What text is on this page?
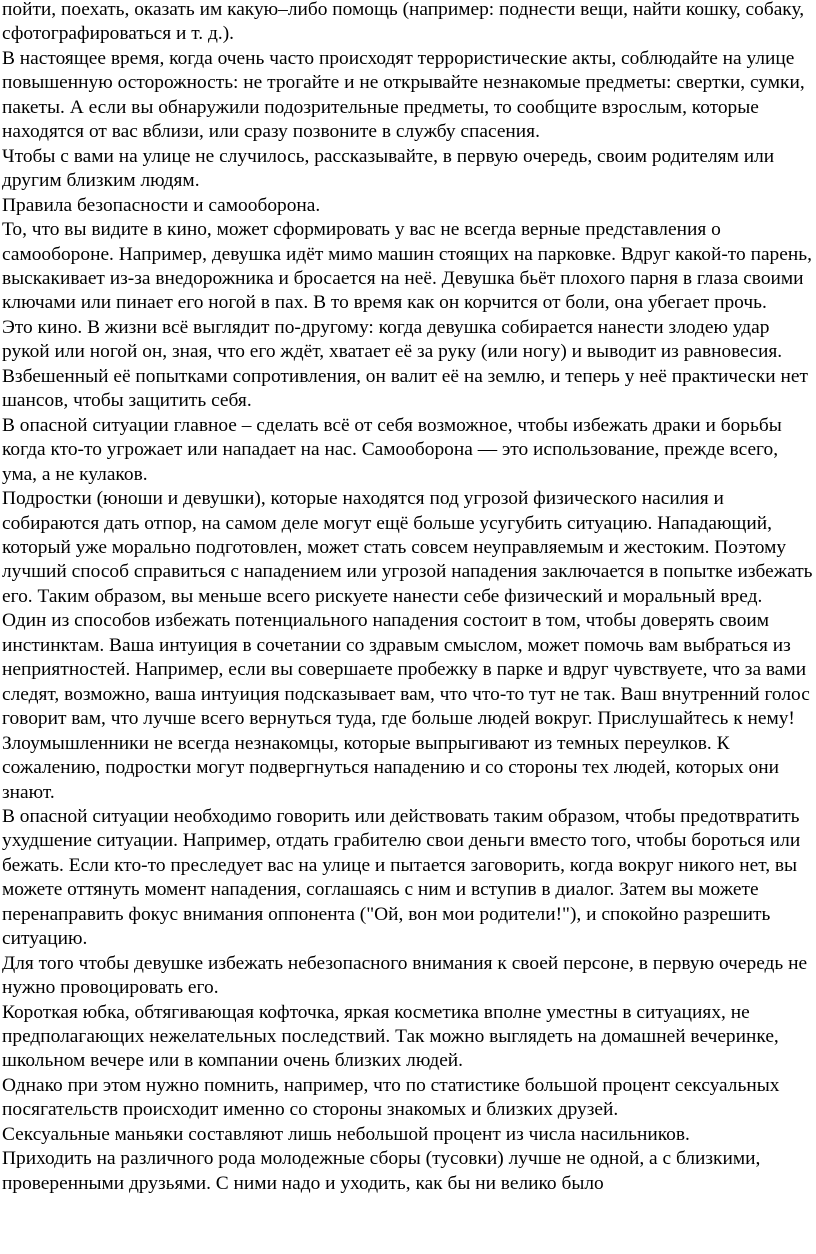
пойти, поехать, оказать им какую–либо помощь (например: поднести вещи, найти кошку, собаку, сфотографироваться и т. д.).

В настоящее время, когда очень часто происходят террористические акты, соблюдайте на улице повышенную осторожность: не трогайте и не открывайте незнакомые предметы: свертки, сумки, пакеты. А если вы обнаружили подозрительные предметы, то сообщите взрослым, которые находятся от вас вблизи, или сразу позвоните в службу спасения.

Чтобы с вами на улице не случилось, рассказывайте, в первую очередь, своим родителям или другим близким людям.

Правила безопасности и самооборона.

То, что вы видите в кино, может сформировать у вас не всегда верные представления о самообороне. Например, девушка идёт мимо машин стоящих на парковке. Вдруг какой-то парень, выскакивает из-за внедорожника и бросается на неё. Девушка бьёт плохого парня в глаза своими ключами или пинает его ногой в пах. В то время как он корчится от боли, она убегает прочь.

Это кино. В жизни всё выглядит по-другому: когда девушка собирается нанести злодею удар рукой или ногой он, зная, что его ждёт, хватает её за руку (или ногу) и выводит из равновесия. Взбешенный её попытками сопротивления, он валит её на землю, и теперь у неё практически нет шансов, чтобы защитить себя.

В опасной ситуации главное – сделать всё от себя возможное, чтобы избежать драки и борьбы когда кто-то угрожает или нападает на нас. Самооборона — это использование, прежде всего, ума, а не кулаков.

Подростки (юноши и девушки), которые находятся под угрозой физического насилия и собираются дать отпор, на самом деле могут ещё больше усугубить ситуацию. Нападающий, который уже морально подготовлен, может стать совсем неуправляемым и жестоким. Поэтому лучший способ справиться с нападением или угрозой нападения заключается в попытке избежать его. Таким образом, вы меньше всего рискуете нанести себе физический и моральный вред.

Один из способов избежать потенциального нападения состоит в том, чтобы доверять своим инстинктам. Ваша интуиция в сочетании со здравым смыслом, может помочь вам выбраться из неприятностей. Например, если вы совершаете пробежку в парке и вдруг чувствуете, что за вами следят, возможно, ваша интуиция подсказывает вам, что что-то тут не так. Ваш внутренний голос говорит вам, что лучше всего вернуться туда, где больше людей вокруг. Прислушайтесь к нему!

Злоумышленники не всегда незнакомцы, которые выпрыгивают из темных переулков. К сожалению, подростки могут подвергнуться нападению и со стороны тех людей, которых они знают.

В опасной ситуации необходимо говорить или действовать таким образом, чтобы предотвратить ухудшение ситуации. Например, отдать грабителю свои деньги вместо того, чтобы бороться или бежать. Если кто-то преследует вас на улице и пытается заговорить, когда вокруг никого нет, вы можете оттянуть момент нападения, соглашаясь с ним и вступив в диалог. Затем вы можете перенаправить фокус внимания оппонента ("Ой, вон мои родители!"), и спокойно разрешить ситуацию.

Для того чтобы девушке избежать небезопасного внимания к своей персоне, в первую очередь не нужно провоцировать его.

Короткая юбка, обтягивающая кофточка, яркая косметика вполне уместны в ситуациях, не предполагающих нежелательных последствий. Так можно выглядеть на домашней вечеринке, школьном вечере или в компании очень близких людей.

Однако при этом нужно помнить, например, что по статистике большой процент сексуальных посягательств происходит именно со стороны знакомых и близких друзей.

Сексуальные маньяки составляют лишь небольшой процент из числа насильников.

Приходить на различного рода молодежные сборы (тусовки) лучше не одной, а с близкими, проверенными друзьями. С ними надо и уходить, как бы ни велико было
